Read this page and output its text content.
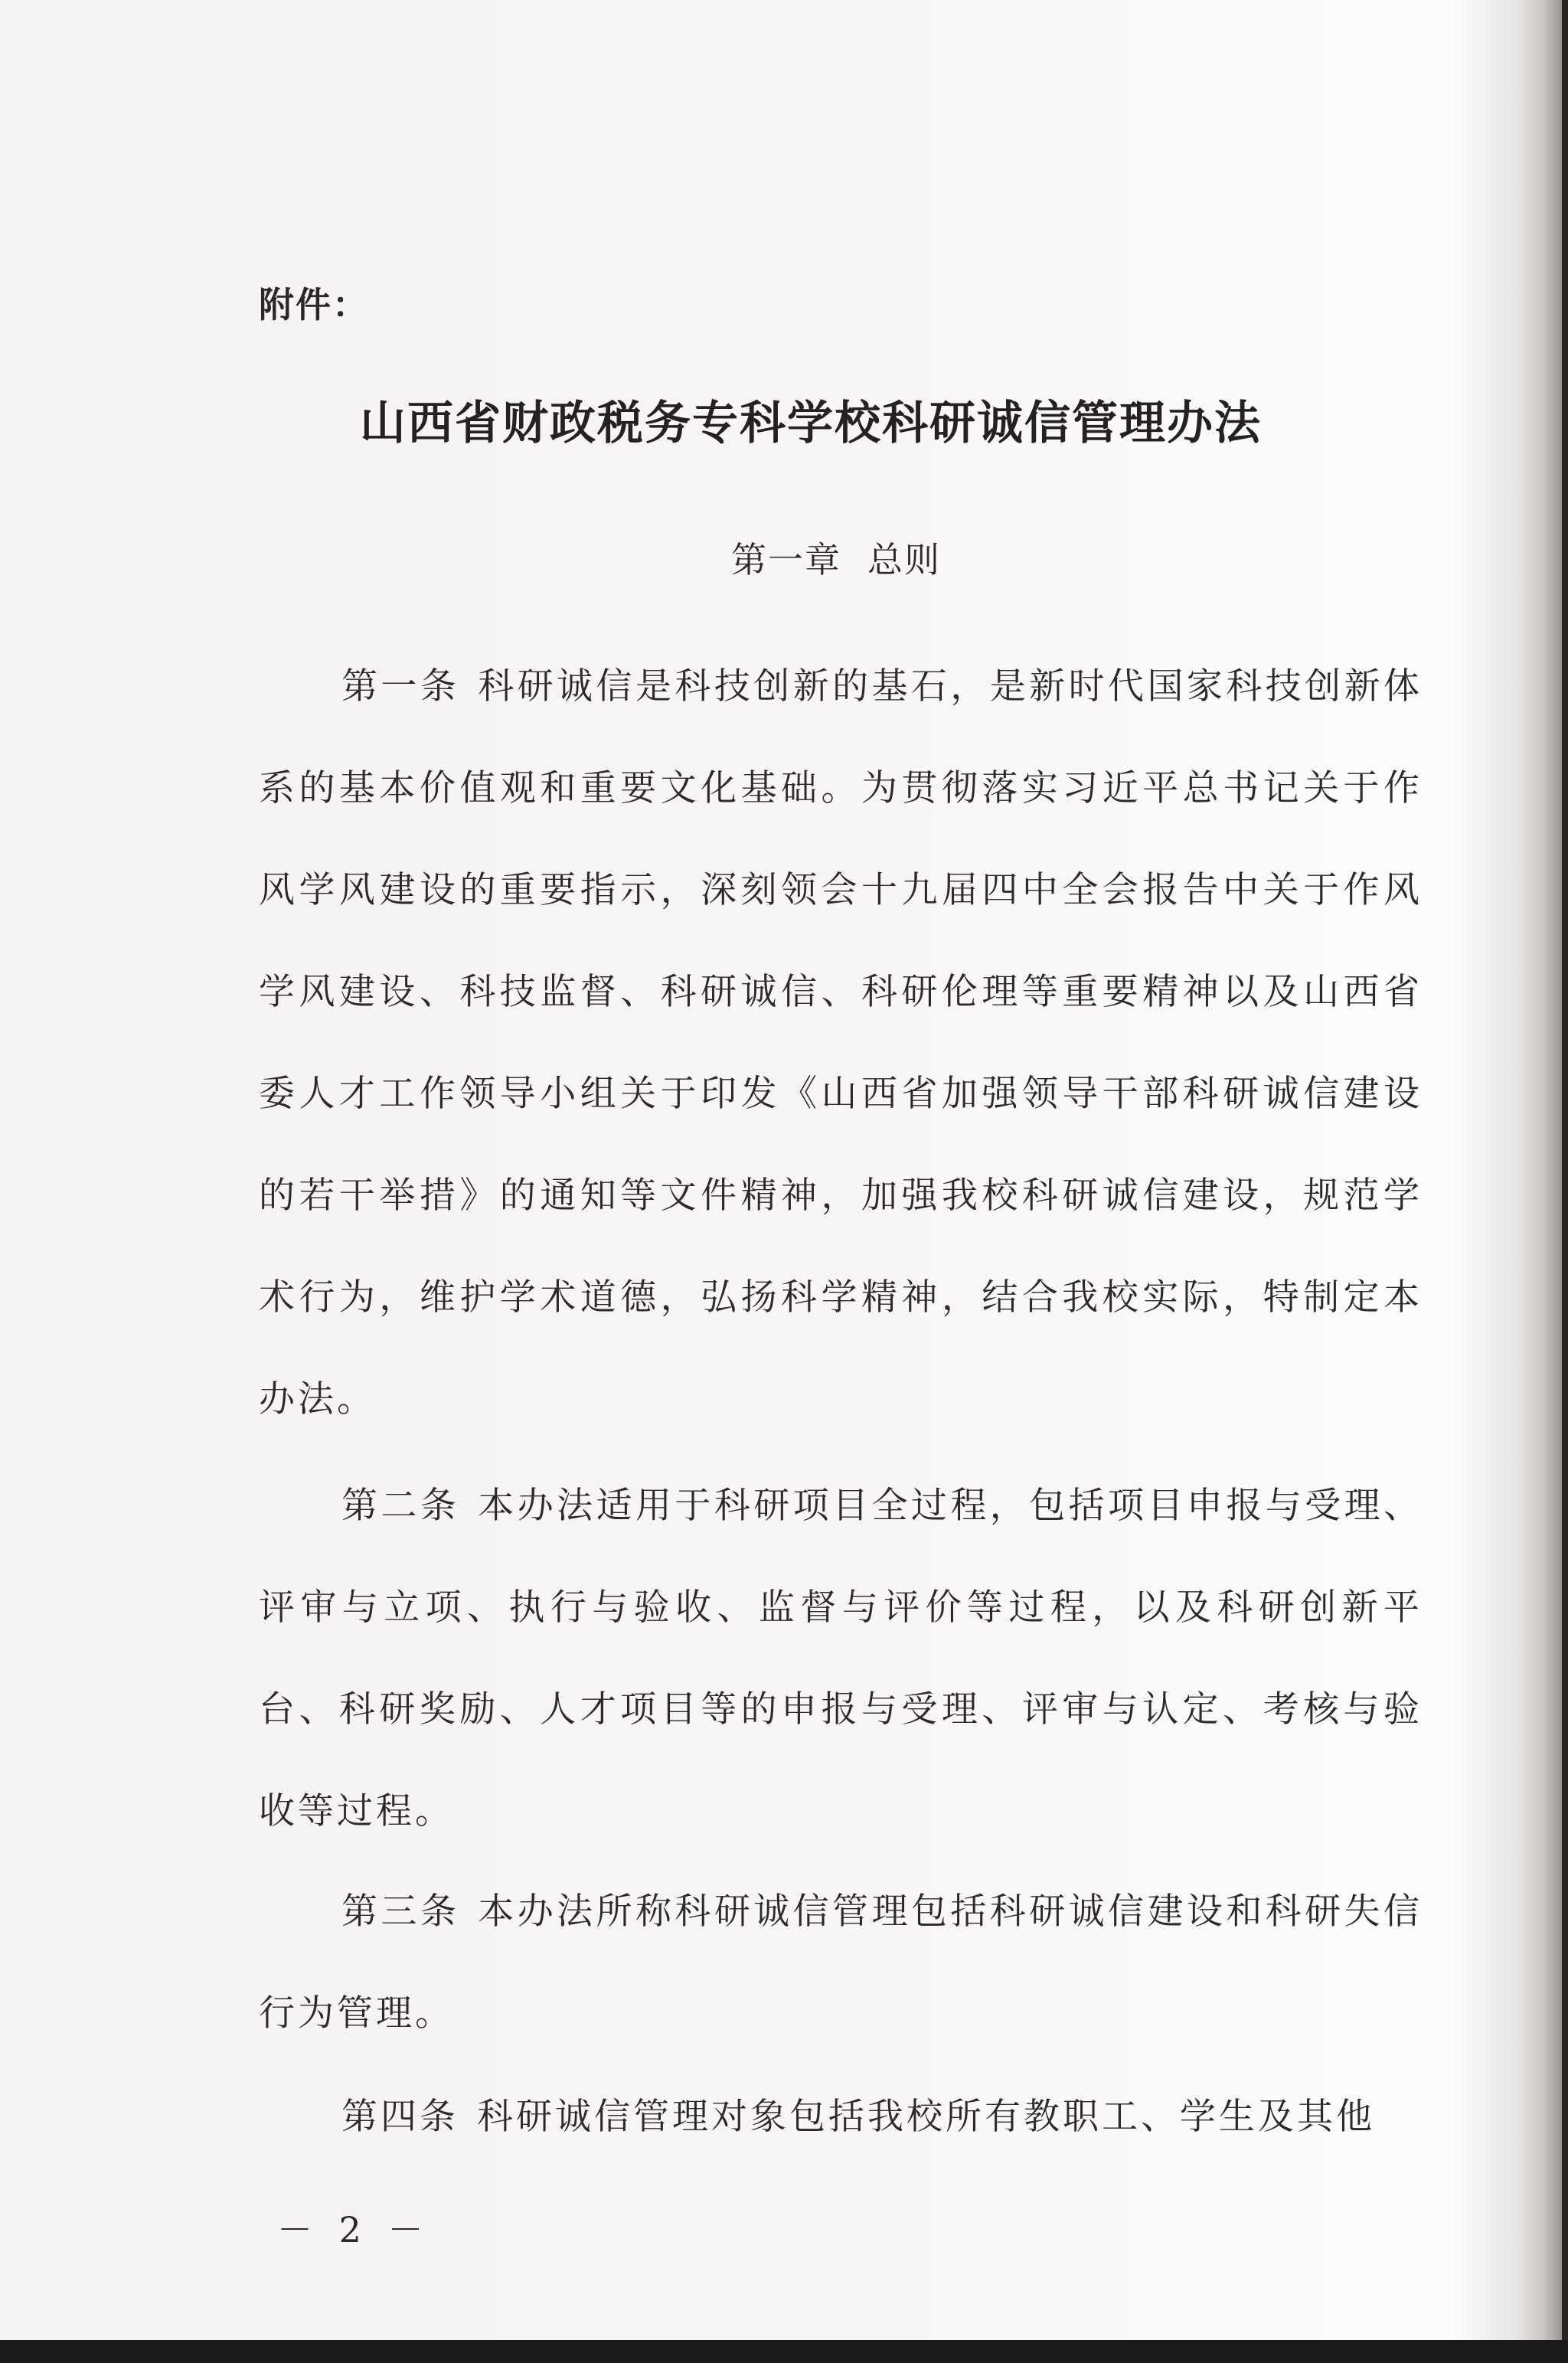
附件：
山西省财政税务专科学校科研诚信管理办法
第一章 总则

第一条 科研诚信是科技创新的基石，是新时代国家科技创新体系的基本价值观和重要文化基础。为贯彻落实习近平总书记关于作风学风建设的重要指示，深刻领会十九届四中全会报告中关于作风学风建设、科技监督、科研诚信、科研伦理等重要精神以及山西省委人才工作领导小组关于印发《山西省加强领导干部科研诚信建设的若干举措》的通知等文件精神，加强我校科研诚信建设，规范学术行为，维护学术道德，弘扬科学精神，结合我校实际，特制定本办法。

第二条 本办法适用于科研项目全过程，包括项目申报与受理、评审与立项、执行与验收、监督与评价等过程，以及科研创新平台、科研奖励、人才项目等的申报与受理、评审与认定、考核与验收等过程。

第三条 本办法所称科研诚信管理包括科研诚信建设和科研失信行为管理。

第四条 科研诚信管理对象包括我校所有教职工、学生及其他

－ 2 －
